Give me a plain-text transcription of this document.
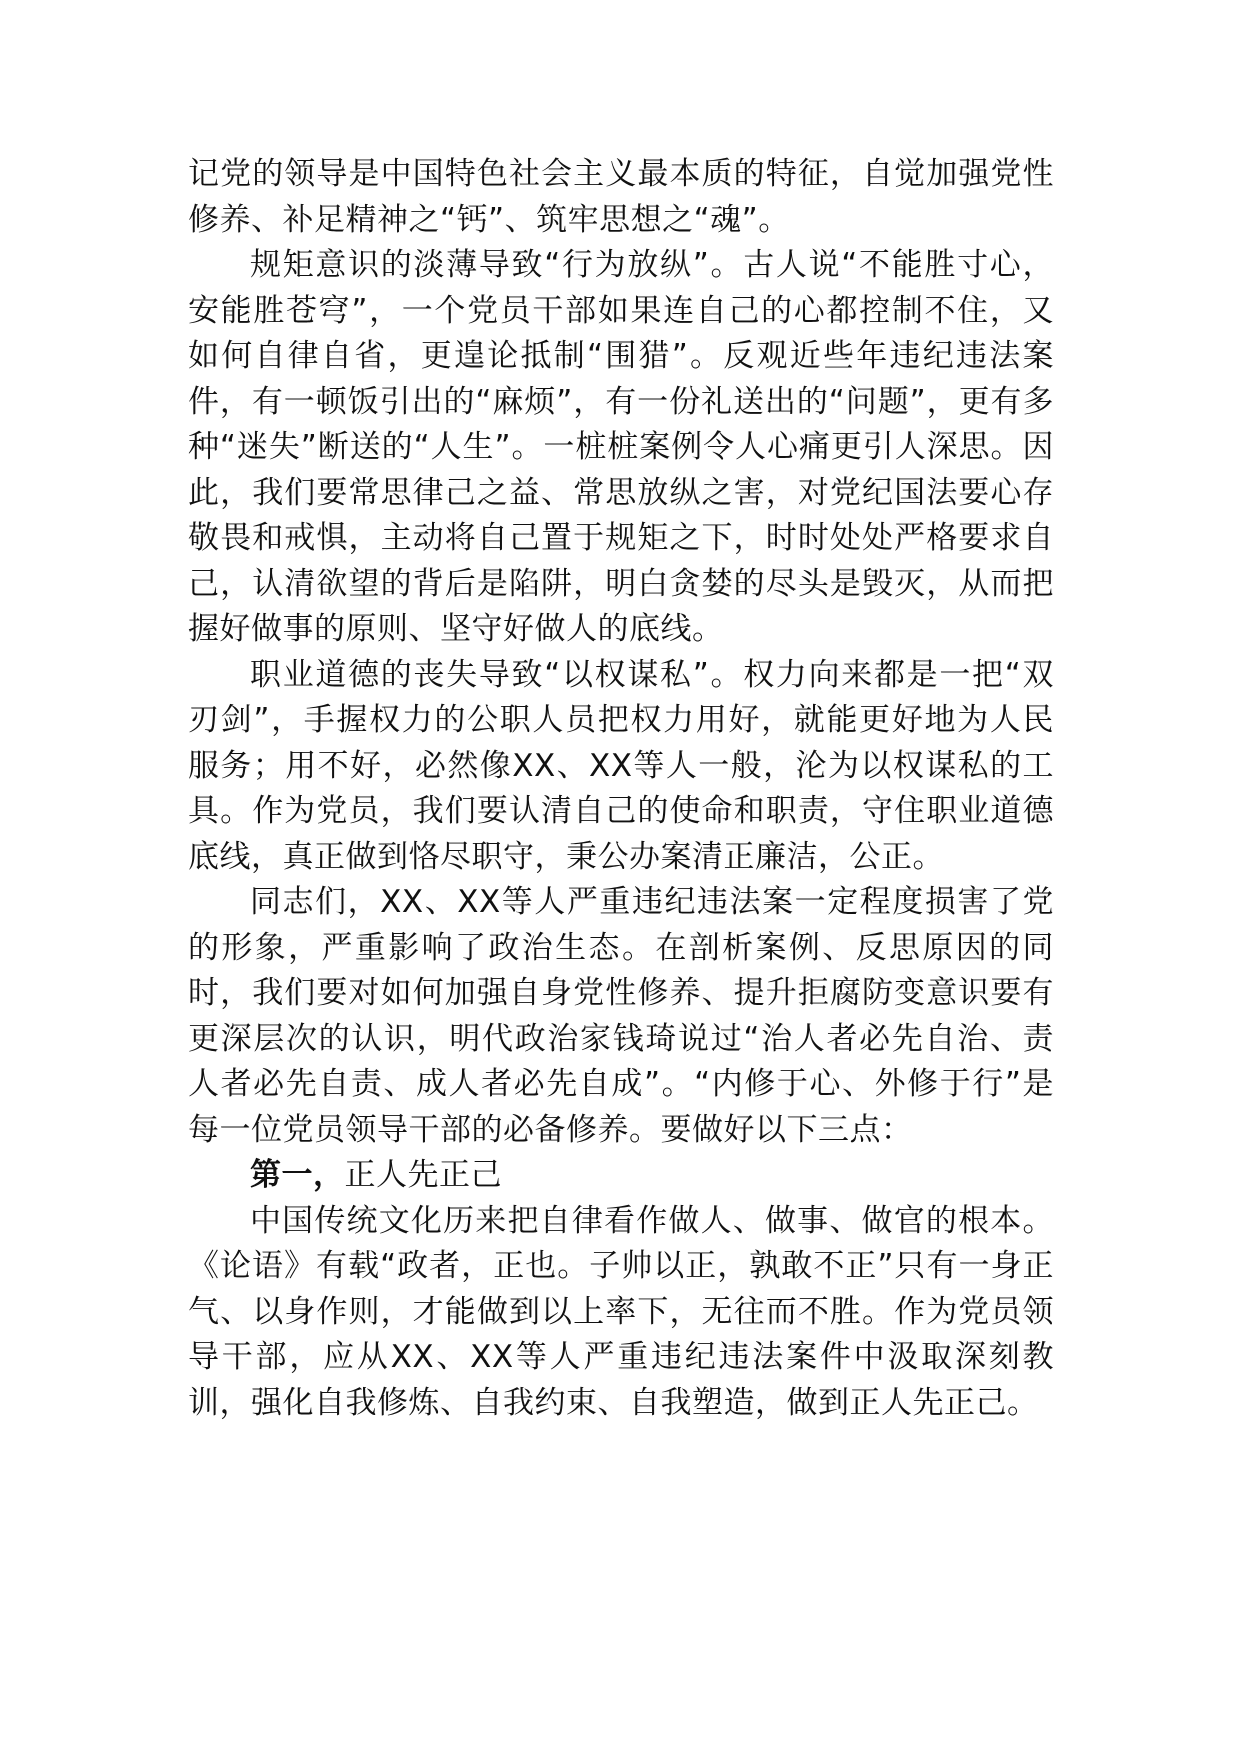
记党的领导是中国特色社会主义最本质的特征，自觉加强党性修养、补足精神之“钙”、筑牢思想之“魂”。

规矩意识的淡薄导致“行为放纵”。古人说“不能胜寸心，安能胜苍穹”，一个党员干部如果连自己的心都控制不住，又如何自律自省，更遑论抵制“围猎”。反观近些年违纪违法案件，有一顿饭引出的“麻烦”，有一份礼送出的“问题”，更有多种“迷失”断送的“人生”。一桩桩案例令人心痛更引人深思。因此，我们要常思律己之益、常思放纵之害，对党纪国法要心存敬畏和戒惧，主动将自己置于规矩之下，时时处处严格要求自己，认清欲望的背后是陷阱，明白贪婪的尽头是毁灭，从而把握好做事的原则、坚守好做人的底线。

职业道德的丧失导致“以权谋私”。权力向来都是一把“双刃剑”，手握权力的公职人员把权力用好，就能更好地为人民服务；用不好，必然像XX、XX等人一般，沦为以权谋私的工具。作为党员，我们要认清自己的使命和职责，守住职业道德底线，真正做到恪尽职守，秉公办案清正廉洁，公正。

同志们，XX、XX等人严重违纪违法案一定程度损害了党的形象，严重影响了政治生态。在剖析案例、反思原因的同时，我们要对如何加强自身党性修养、提升拒腐防变意识要有更深层次的认识，明代政治家钱琦说过“治人者必先自治、责人者必先自责、成人者必先自成”。“内修于心、外修于行”是每一位党员领导干部的必备修养。要做好以下三点：

第一，正人先正己

中国传统文化历来把自律看作做人、做事、做官的根本。《论语》有载“政者，正也。子帅以正，孰敢不正”只有一身正气、以身作则，才能做到以上率下，无往而不胜。作为党员领导干部，应从XX、XX等人严重违纪违法案件中汲取深刻教训，强化自我修炼、自我约束、自我塑造，做到正人先正己。
